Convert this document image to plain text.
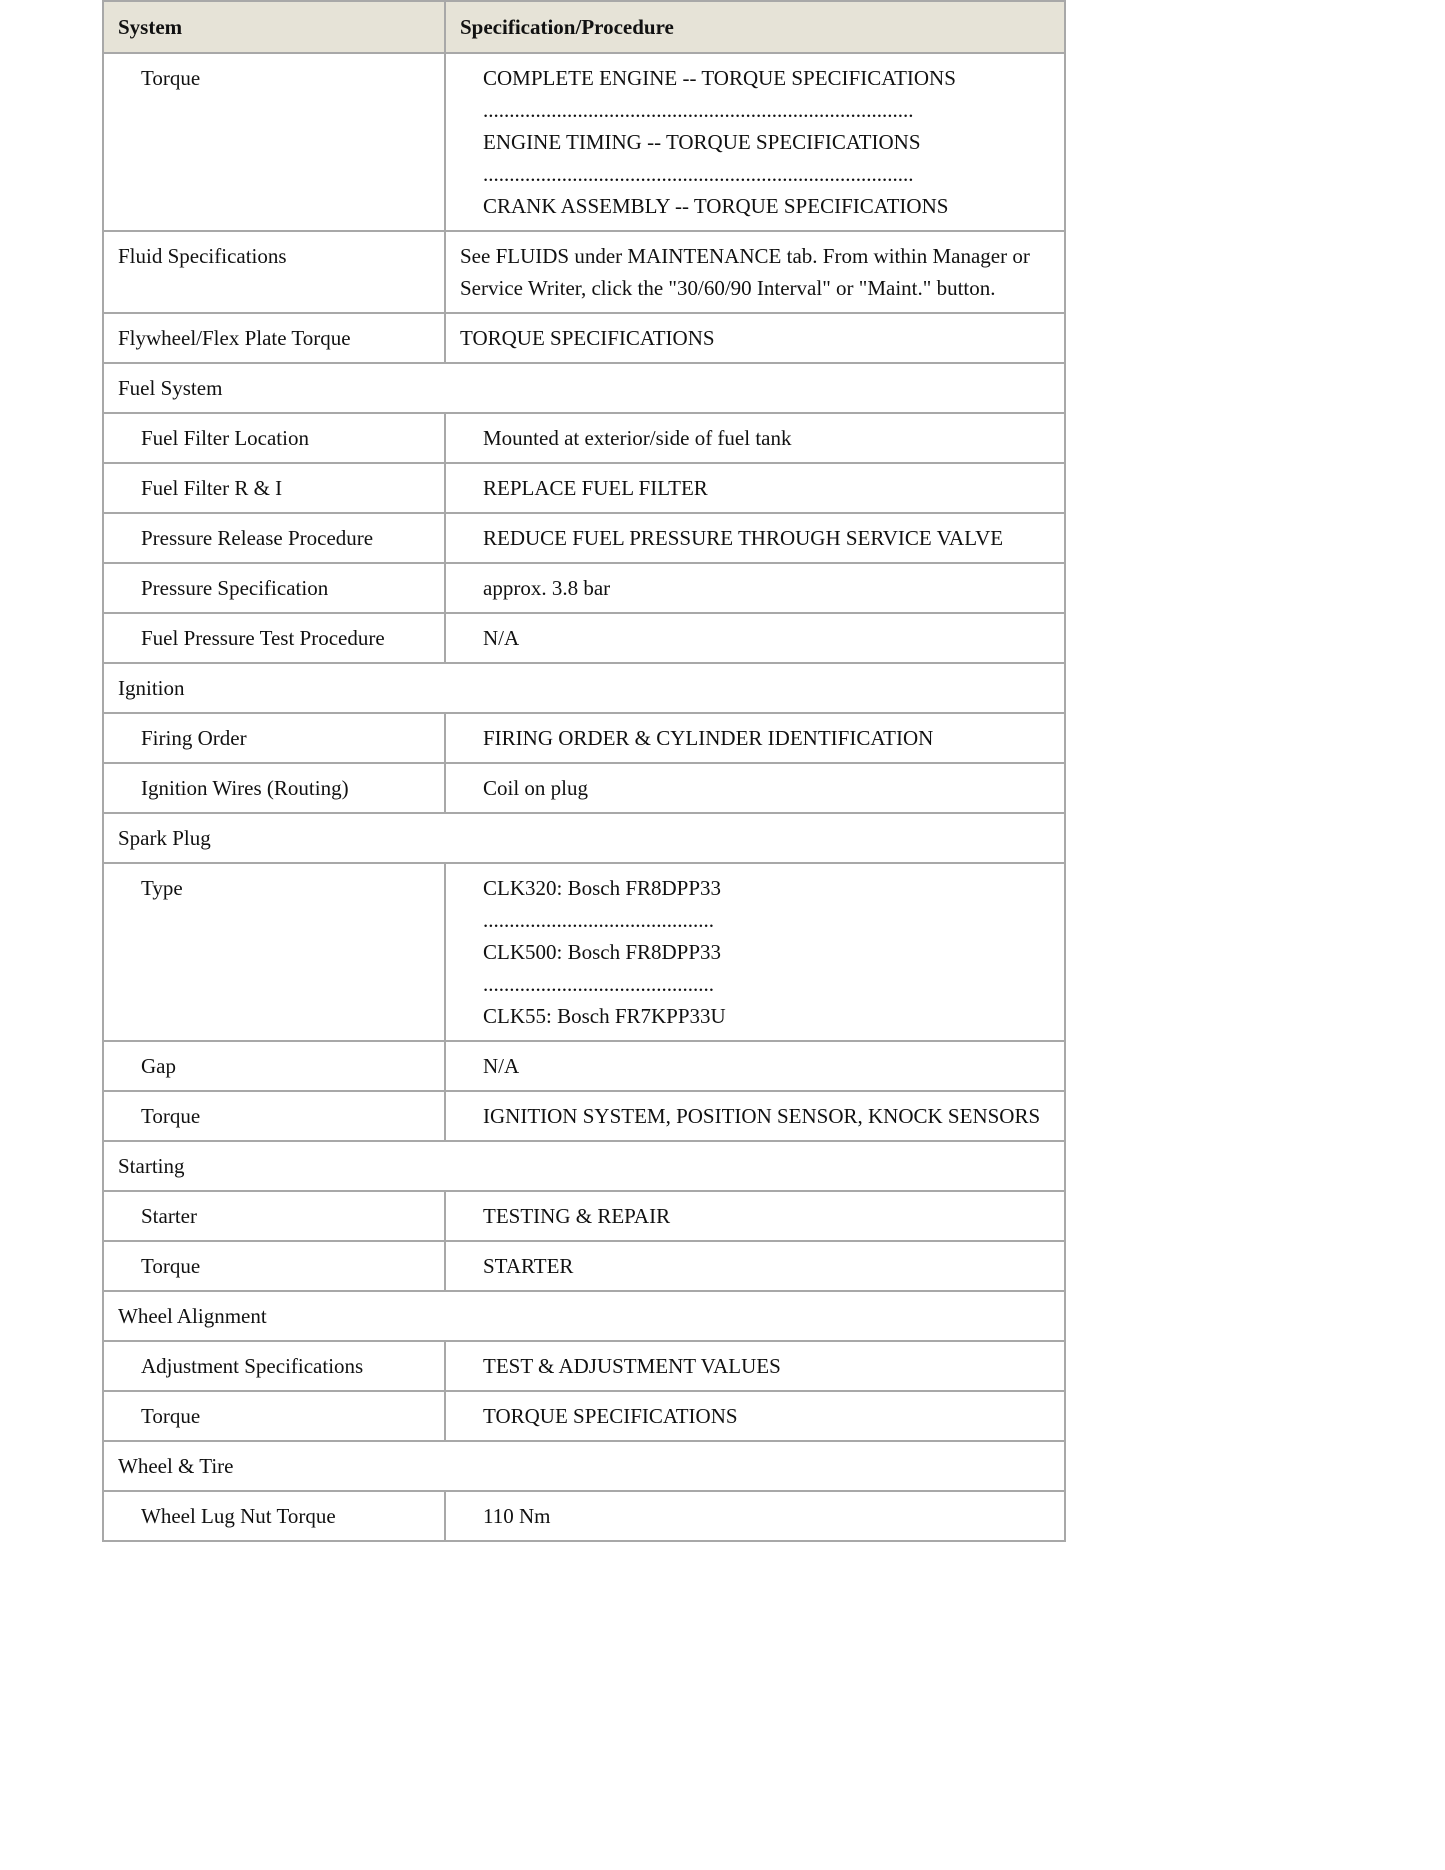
System	Specification/Procedure
Torque	COMPLETE ENGINE -- TORQUE SPECIFICATIONS
..................................................................................
ENGINE TIMING -- TORQUE SPECIFICATIONS
..................................................................................
CRANK ASSEMBLY -- TORQUE SPECIFICATIONS

Fluid Specifications	See FLUIDS under MAINTENANCE tab. From within Manager or Service Writer, click the "30/60/90 Interval" or "Maint." button.

Flywheel/Flex Plate Torque	TORQUE SPECIFICATIONS

Fuel System	
Fuel Filter Location	Mounted at exterior/side of fuel tank

Fuel Filter R & I	REPLACE FUEL FILTER

Pressure Release Procedure	REDUCE FUEL PRESSURE THROUGH SERVICE VALVE

Pressure Specification	approx. 3.8 bar

Fuel Pressure Test Procedure	N/A

Ignition	
Firing Order	FIRING ORDER & CYLINDER IDENTIFICATION

Ignition Wires (Routing)	Coil on plug

Spark Plug	
Type	CLK320: Bosch FR8DPP33
............................................
CLK500: Bosch FR8DPP33
............................................
CLK55: Bosch FR7KPP33U

Gap	N/A

Torque	IGNITION SYSTEM, POSITION SENSOR, KNOCK SENSORS

Starting	
Starter	TESTING & REPAIR

Torque	STARTER

Wheel Alignment	
Adjustment Specifications	TEST & ADJUSTMENT VALUES

Torque	TORQUE SPECIFICATIONS

Wheel & Tire	
Wheel Lug Nut Torque	110 Nm
